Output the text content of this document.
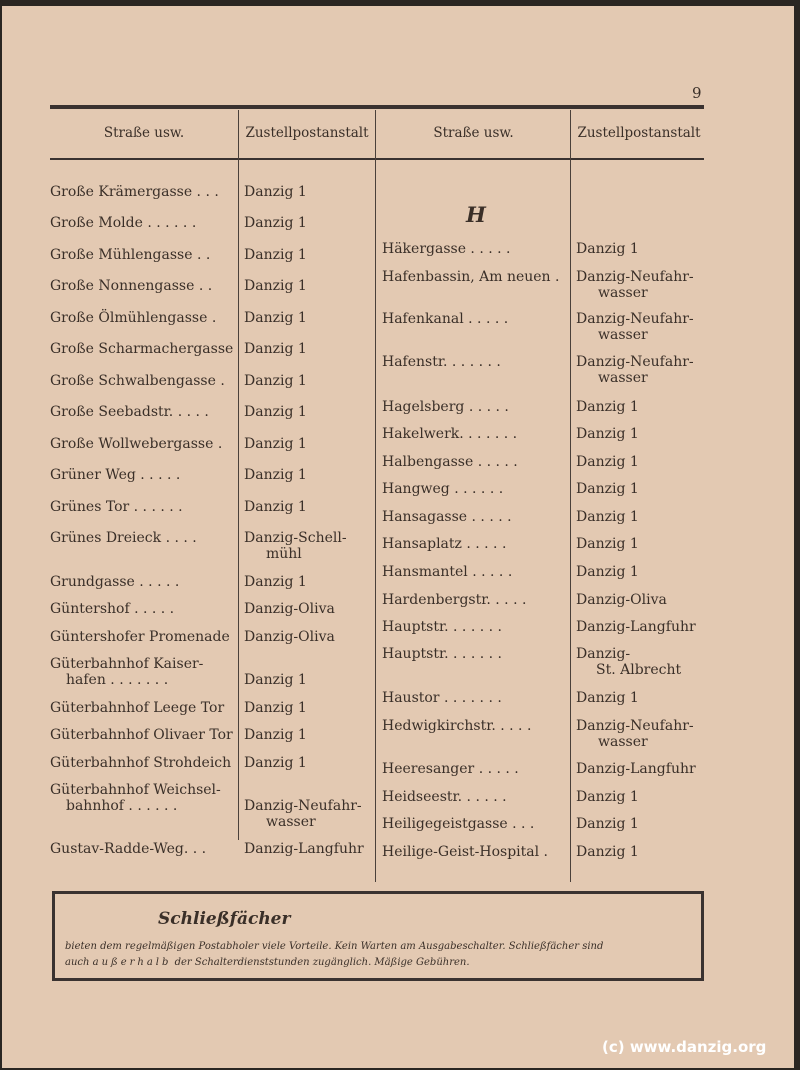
9
Straße usw.	Zustellpostanstalt	Straße usw.	Zustellpostanstalt
H
Große Krämergasse . . . Danzig 1
Große Molde . . . . . .	Danzig 1
Große Mühlengasse . . Danzig 1
Große Nonnengasse . . Danzig 1
Große Ölmühlengasse . Danzig 1
Große Scharmachergasse Danzig 1
Große Schwalbengasse . Danzig 1
Große Seebadstr. . . . .	Danzig 1
Große Wollwebergasse . Danzig 1
Grüner Weg . . . . .	Danzig 1
Grünes Tor . . . . . .	Danzig 1
Grünes Dreieck . . . .	Danzig-Schell-
mühl
Grundgasse . . . . .	Danzig 1
Güntershof . . . . .	Danzig-Oliva
Güntershofer Promenade Danzig-Oliva
Güterbahnhof Kaiser-
hafen . . . . . . .	Danzig 1
Güterbahnhof Leege Tor Danzig 1
Güterbahnhof Olivaer Tor Danzig 1
Güterbahnhof Strohdeich Danzig 1
Güterbahnhof Weichsel-
bahnhof . . . . . .	Danzig-Neufahr-
wasser
Gustav-Radde-Weg. . .	Danzig-Langfuhr
Häkergasse . . . . .	Danzig 1
Hafenbassin, Am neuen . Danzig-Neufahr-
wasser
Hafenkanal . . . . .	Danzig-Neufahr-
wasser
Hafenstr. . . . . . .	Danzig-Neufahr-
wasser
Hagelsberg . . . . .	Danzig 1
Hakelwerk. . . . . . .	Danzig 1
Halbengasse . . . . .	Danzig 1
Hangweg . . . . . .	Danzig 1
Hansagasse . . . . .	Danzig 1
Hansaplatz . . . . .	Danzig 1
Hansmantel . . . . .	Danzig 1
Hardenbergstr. . . . .	Danzig-Oliva
Hauptstr. . . . . . .	Danzig-Langfuhr
Hauptstr. . . . . . .	Danzig-
St. Albrecht
Haustor . . . . . . .	Danzig 1
Hedwigkirchstr. . . . .	Danzig-Neufahr-
wasser
Heeresanger . . . . .	Danzig-Langfuhr
Heidseestr. . . . . .	Danzig 1
Heiligegeistgasse . . .	Danzig 1
Heilige-Geist-Hospital . Danzig 1
Schließfächer
bieten dem regelmäßigen Postabholer viele Vorteile. Kein Warten am Ausgabeschalter. Schließfächer sind
auch außerhalb der Schalterdienststunden zugänglich. Mäßige Gebühren.
(c) www.danzig.org
